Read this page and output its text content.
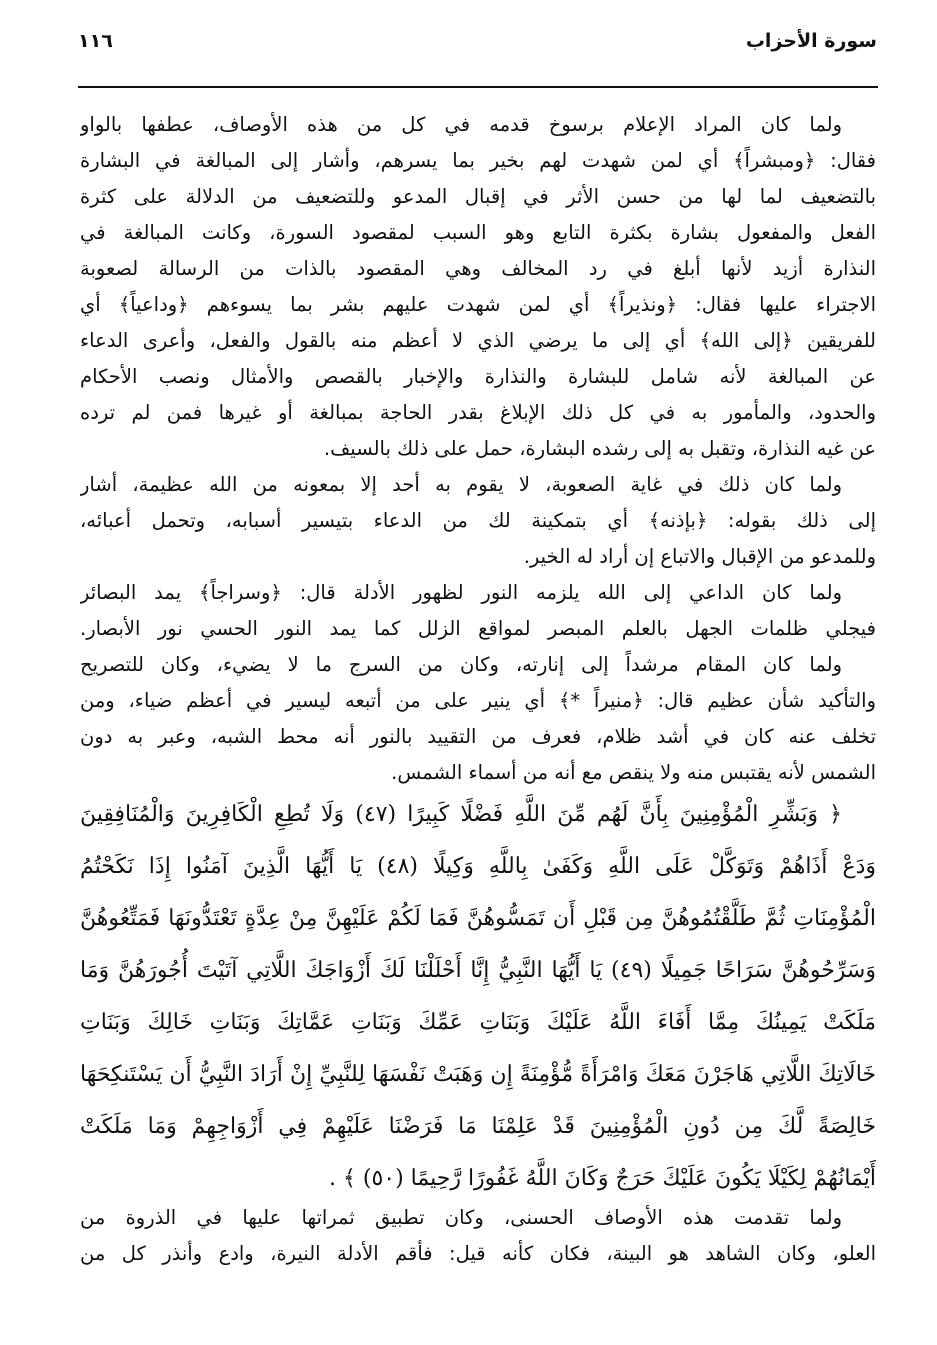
سورة الأحزاب
١١٦
ولما كان المراد الإعلام برسوخ قدمه في كل من هذه الأوصاف، عطفها بالواو
فقال: ﴿ومبشراً﴾ أي لمن شهدت لهم بخير بما يسرهم، وأشار إلى المبالغة في البشارة
بالتضعيف لما لها من حسن الأثر في إقبال المدعو وللتضعيف من الدلالة على كثرة
الفعل والمفعول بشارة بكثرة التابع وهو السبب لمقصود السورة، وكانت المبالغة في
النذارة أزيد لأنها أبلغ في رد المخالف وهي المقصود بالذات من الرسالة لصعوبة
الاجتراء عليها فقال: ﴿ونذيراً﴾ أي لمن شهدت عليهم بشر بما يسوءهم ﴿وداعياً﴾ أي
للفريقين ﴿إلى الله﴾ أي إلى ما يرضي الذي لا أعظم منه بالقول والفعل، وأعرى الدعاء
عن المبالغة لأنه شامل للبشارة والنذارة والإخبار بالقصص والأمثال ونصب الأحكام
والحدود، والمأمور به في كل ذلك الإبلاغ بقدر الحاجة بمبالغة أو غيرها فمن لم ترده
عن غيه النذارة، وتقبل به إلى رشده البشارة، حمل على ذلك بالسيف.
ولما كان ذلك في غاية الصعوبة، لا يقوم به أحد إلا بمعونه من الله عظيمة، أشار
إلى ذلك بقوله: ﴿بإذنه﴾ أي بتمكينة لك من الدعاء بتيسير أسبابه، وتحمل أعبائه،
وللمدعو من الإقبال والاتباع إن أراد له الخير.
ولما كان الداعي إلى الله يلزمه النور لظهور الأدلة قال: ﴿وسراجاً﴾ يمد البصائر
فيجلي ظلمات الجهل بالعلم المبصر لمواقع الزلل كما يمد النور الحسي نور الأبصار.
ولما كان المقام مرشداً إلى إنارته، وكان من السرج ما لا يضيء، وكان للتصريح
والتأكيد شأن عظيم قال: ﴿منيراً *﴾ أي ينير على من أتبعه ليسير في أعظم ضياء، ومن
تخلف عنه كان في أشد ظلام، فعرف من التقييد بالنور أنه محط الشبه، وعبر به دون
الشمس لأنه يقتبس منه ولا ينقص مع أنه من أسماء الشمس.
﴿ وَبَشِّرِ الْمُؤْمِنِينَ بِأَنَّ لَهُم مِّنَ اللَّهِ فَضْلًا كَبِيرًا (٤٧) وَلَا تُطِعِ الْكَافِرِينَ وَالْمُنَافِقِينَ
وَدَعْ أَذَاهُمْ وَتَوَكَّلْ عَلَى اللَّهِ وَكَفَىٰ بِاللَّهِ وَكِيلًا (٤٨) يَا أَيُّهَا الَّذِينَ آمَنُوا إِذَا نَكَحْتُمُ
الْمُؤْمِنَاتِ ثُمَّ طَلَّقْتُمُوهُنَّ مِن قَبْلِ أَن تَمَسُّوهُنَّ فَمَا لَكُمْ عَلَيْهِنَّ مِنْ عِدَّةٍ تَعْتَدُّونَهَا فَمَتِّعُوهُنَّ
وَسَرِّحُوهُنَّ سَرَاحًا جَمِيلًا (٤٩) يَا أَيُّهَا النَّبِيُّ إِنَّا أَحْلَلْنَا لَكَ أَزْوَاجَكَ اللَّاتِي آتَيْتَ أُجُورَهُنَّ وَمَا
مَلَكَتْ يَمِينُكَ مِمَّا أَفَاءَ اللَّهُ عَلَيْكَ وَبَنَاتِ عَمِّكَ وَبَنَاتِ عَمَّاتِكَ وَبَنَاتِ خَالِكَ وَبَنَاتِ
خَالَاتِكَ اللَّاتِي هَاجَرْنَ مَعَكَ وَامْرَأَةً مُّؤْمِنَةً إِن وَهَبَتْ نَفْسَهَا لِلنَّبِيِّ إِنْ أَرَادَ النَّبِيُّ أَن يَسْتَنكِحَهَا
خَالِصَةً لَّكَ مِن دُونِ الْمُؤْمِنِينَ قَدْ عَلِمْنَا مَا فَرَضْنَا عَلَيْهِمْ فِي أَزْوَاجِهِمْ وَمَا مَلَكَتْ
أَيْمَانُهُمْ لِكَيْلَا يَكُونَ عَلَيْكَ حَرَجٌ وَكَانَ اللَّهُ غَفُورًا رَّحِيمًا (٥٠) ﴾ .
ولما تقدمت هذه الأوصاف الحسنى، وكان تطبيق ثمراتها عليها في الذروة من
العلو، وكان الشاهد هو البينة، فكان كأنه قيل: فأقم الأدلة النيرة، وادع وأنذر كل من
